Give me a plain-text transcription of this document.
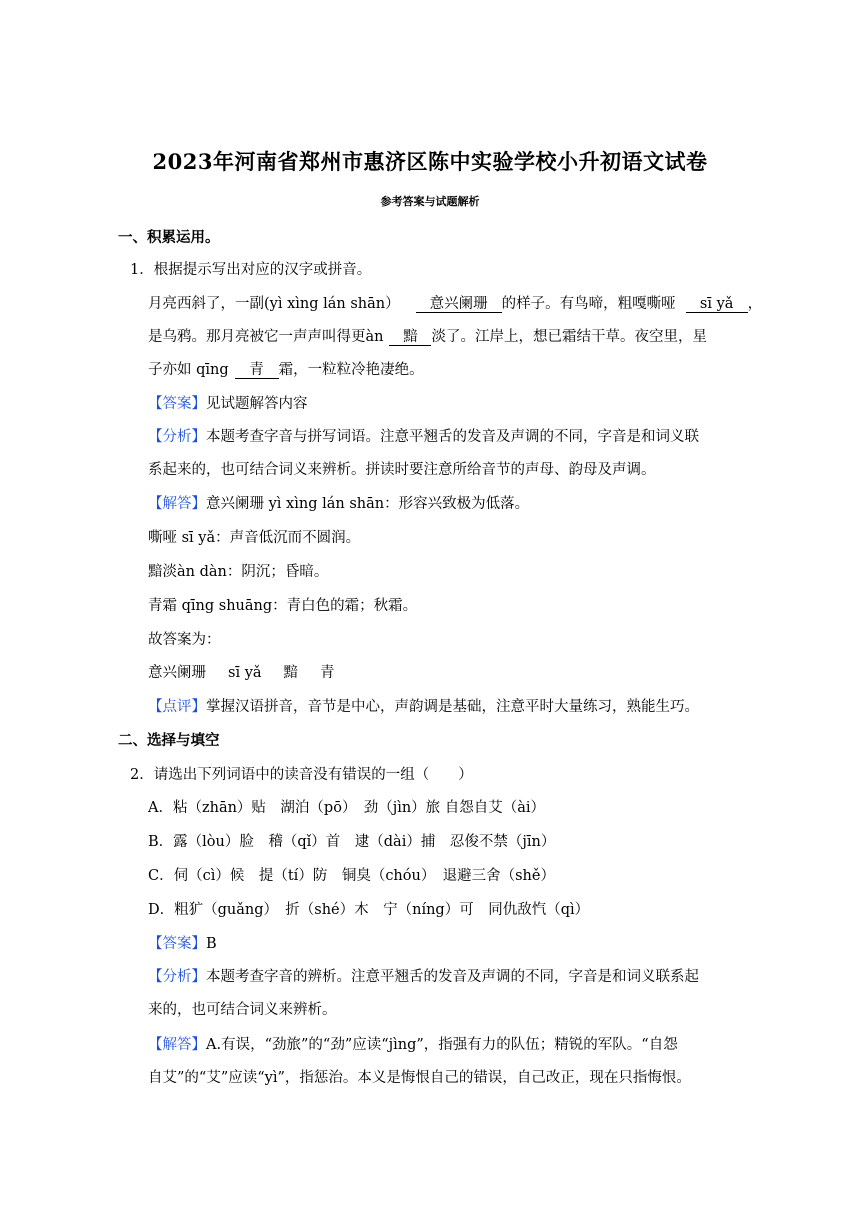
2023年河南省郑州市惠济区陈中实验学校小升初语文试卷
参考答案与试题解析
一、积累运用。
1．根据提示写出对应的汉字或拼音。
月亮西斜了，一副(yì xìng lán shān） 意兴阑珊 的样子。有鸟啼，粗嘎嘶哑 sī yǎ ，
是乌鸦。那月亮被它一声声叫得更àn 黯 淡了。江岸上，想已霜结干草。夜空里，星
子亦如 qīng 青 霜，一粒粒冷艳凄绝。
【答案】见试题解答内容
【分析】本题考查字音与拼写词语。注意平翘舌的发音及声调的不同，字音是和词义联
系起来的，也可结合词义来辨析。拼读时要注意所给音节的声母、韵母及声调。
【解答】意兴阑珊 yì xìng lán shān：形容兴致极为低落。
嘶哑 sī yǎ：声音低沉而不圆润。
黯淡àn dàn：阴沉；昏暗。
青霜 qīng shuāng：青白色的霜；秋霜。
故答案为：
意兴阑珊 sī yǎ 黯 青
【点评】掌握汉语拼音，音节是中心，声韵调是基础，注意平时大量练习，熟能生巧。
二、选择与填空
2．请选出下列词语中的读音没有错误的一组（　　）
A．粘（zhān）贴　湖泊（pō）　劲（jìn）旅 自怨自艾（ài）
B．露（lòu）脸　稽（qǐ）首　逮（dài）捕　忍俊不禁（jīn）
C．伺（cì）候　提（tí）防　铜臭（chóu）　退避三舍（shě）
D．粗犷（guǎng）　折（shé）木　宁（níng）可　同仇敌忾（qì）
【答案】B
【分析】本题考查字音的辨析。注意平翘舌的发音及声调的不同，字音是和词义联系起
来的，也可结合词义来辨析。
【解答】A.有误，“劲旅”的“劲”应读“jìng”，指强有力的队伍；精锐的军队。“自怨
自艾”的“艾”应读“yì”，指惩治。本义是悔恨自己的错误，自己改正，现在只指悔恨。
